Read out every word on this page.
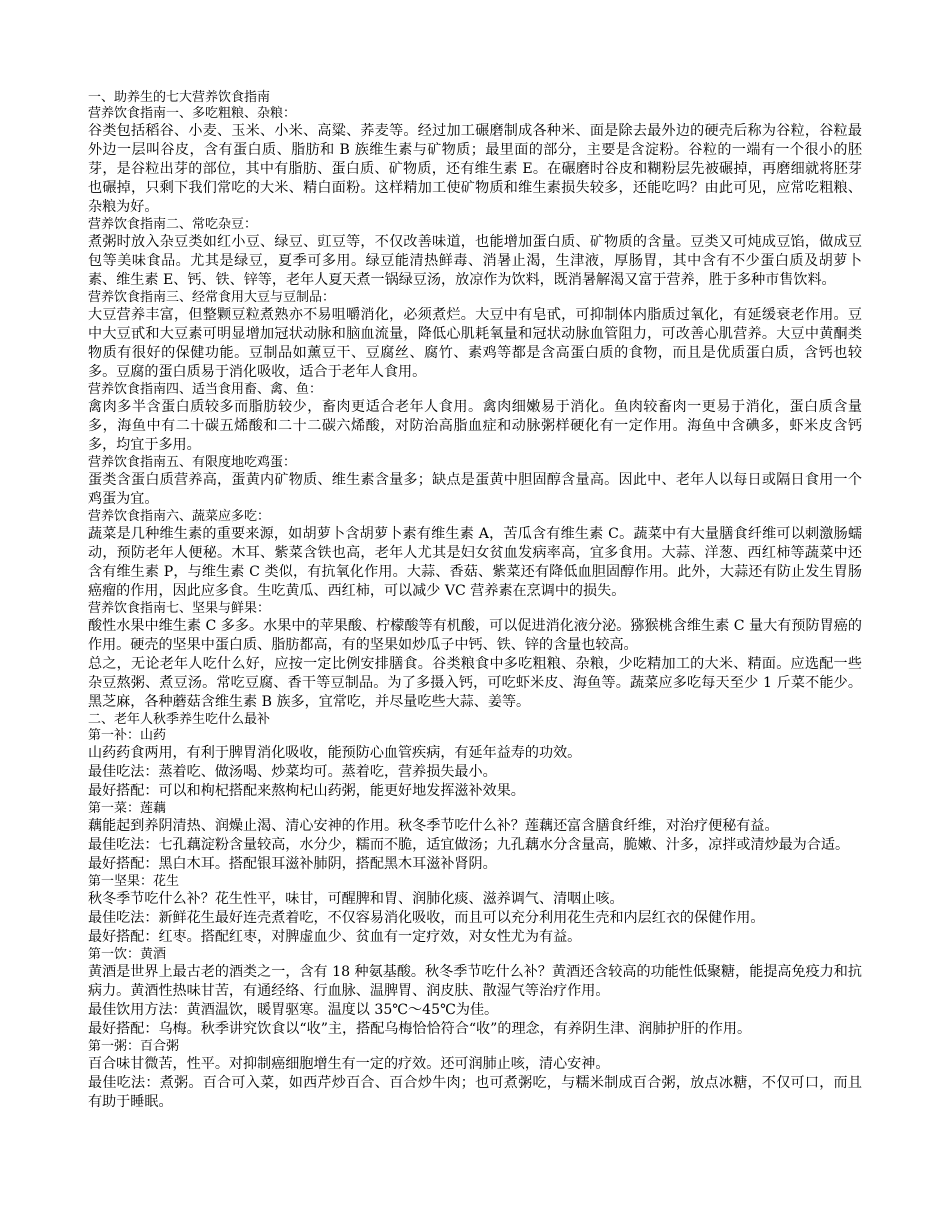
一、助养生的七大营养饮食指南

营养饮食指南一、多吃粗粮、杂粮：

谷类包括稻谷、小麦、玉米、小米、高粱、荞麦等。经过加工碾磨制成各种米、面是除去最外边的硬壳后称为谷粒，谷粒最外边一层叫谷皮，含有蛋白质、脂肪和 B 族维生素与矿物质；最里面的部分，主要是含淀粉。谷粒的一端有一个很小的胚芽，是谷粒出芽的部位，其中有脂肪、蛋白质、矿物质，还有维生素 E。在碾磨时谷皮和糊粉层先被碾掉，再磨细就将胚芽也碾掉，只剩下我们常吃的大米、精白面粉。这样精加工使矿物质和维生素损失较多，还能吃吗？由此可见，应常吃粗粮、杂粮为好。

营养饮食指南二、常吃杂豆：

煮粥时放入杂豆类如红小豆、绿豆、豇豆等，不仅改善味道，也能增加蛋白质、矿物质的含量。豆类又可炖成豆馅，做成豆包等美味食品。尤其是绿豆，夏季可多用。绿豆能清热鲜毒、消暑止渴，生津液，厚肠胃，其中含有不少蛋白质及胡萝卜素、维生素 E、钙、铁、锌等，老年人夏天煮一锅绿豆汤，放凉作为饮料，既消暑解渴又富于营养，胜于多种市售饮料。

营养饮食指南三、经常食用大豆与豆制品：

大豆营养丰富，但整颗豆粒煮熟亦不易咀嚼消化，必须煮烂。大豆中有皂甙，可抑制体内脂质过氧化，有延缓衰老作用。豆中大豆甙和大豆素可明显增加冠状动脉和脑血流量，降低心肌耗氧量和冠状动脉血管阻力，可改善心肌营养。大豆中黄酮类物质有很好的保健功能。豆制品如薰豆干、豆腐丝、腐竹、素鸡等都是含高蛋白质的食物，而且是优质蛋白质，含钙也较多。豆腐的蛋白质易于消化吸收，适合于老年人食用。

营养饮食指南四、适当食用畜、禽、鱼：

禽肉多半含蛋白质较多而脂肪较少，畜肉更适合老年人食用。禽肉细嫩易于消化。鱼肉较畜肉一更易于消化，蛋白质含量多，海鱼中有二十碳五烯酸和二十二碳六烯酸，对防治高脂血症和动脉粥样硬化有一定作用。海鱼中含碘多，虾米皮含钙多，均宜于多用。

营养饮食指南五、有限度地吃鸡蛋：

蛋类含蛋白质营养高，蛋黄内矿物质、维生素含量多；缺点是蛋黄中胆固醇含量高。因此中、老年人以每日或隔日食用一个鸡蛋为宜。

营养饮食指南六、蔬菜应多吃：

蔬菜是几种维生素的重要来源，如胡萝卜含胡萝卜素有维生素 A，苦瓜含有维生素 C。蔬菜中有大量膳食纤维可以刺激肠蠕动，预防老年人便秘。木耳、紫菜含铁也高，老年人尤其是妇女贫血发病率高，宜多食用。大蒜、洋葱、西红柿等蔬菜中还含有维生素 P，与维生素 C 类似，有抗氧化作用。大蒜、香菇、紫菜还有降低血胆固醇作用。此外，大蒜还有防止发生胃肠癌瘤的作用，因此应多食。生吃黄瓜、西红柿，可以减少 VC 营养素在烹调中的损失。

营养饮食指南七、坚果与鲜果：

酸性水果中维生素 C 多多。水果中的苹果酸、柠檬酸等有机酸，可以促进消化液分泌。猕猴桃含维生素 C 量大有预防胃癌的作用。硬壳的坚果中蛋白质、脂肪都高，有的坚果如炒瓜子中钙、铁、锌的含量也较高。

总之，无论老年人吃什么好，应按一定比例安排膳食。谷类粮食中多吃粗粮、杂粮，少吃精加工的大米、精面。应选配一些杂豆熬粥、煮豆汤。常吃豆腐、香干等豆制品。为了多摄入钙，可吃虾米皮、海鱼等。蔬菜应多吃每天至少 1 斤菜不能少。黑芝麻，各种蘑菇含维生素 B 族多，宜常吃，并尽量吃些大蒜、姜等。

二、老年人秋季养生吃什么最补

第一补：山药

山药药食两用，有利于脾胃消化吸收，能预防心血管疾病，有延年益寿的功效。

最佳吃法：蒸着吃、做汤喝、炒菜均可。蒸着吃，营养损失最小。

最好搭配：可以和枸杞搭配来熬枸杞山药粥，能更好地发挥滋补效果。

第一菜：莲藕

藕能起到养阴清热、润燥止渴、清心安神的作用。秋冬季节吃什么补？莲藕还富含膳食纤维，对治疗便秘有益。

最佳吃法：七孔藕淀粉含量较高，水分少，糯而不脆，适宜做汤；九孔藕水分含量高，脆嫩、汁多，凉拌或清炒最为合适。

最好搭配：黑白木耳。搭配银耳滋补肺阴，搭配黑木耳滋补肾阴。

第一坚果：花生

秋冬季节吃什么补？花生性平，味甘，可醒脾和胃、润肺化痰、滋养调气、清咽止咳。

最佳吃法：新鲜花生最好连壳煮着吃，不仅容易消化吸收，而且可以充分利用花生壳和内层红衣的保健作用。

最好搭配：红枣。搭配红枣，对脾虚血少、贫血有一定疗效，对女性尤为有益。

第一饮：黄酒

黄酒是世界上最古老的酒类之一，含有 18 种氨基酸。秋冬季节吃什么补？黄酒还含较高的功能性低聚糖，能提高免疫力和抗病力。黄酒性热味甘苦，有通经络、行血脉、温脾胃、润皮肤、散湿气等治疗作用。

最佳饮用方法：黄酒温饮，暖胃驱寒。温度以 35℃～45℃为佳。

最好搭配：乌梅。秋季讲究饮食以“收”主，搭配乌梅恰恰符合“收”的理念，有养阴生津、润肺护肝的作用。

第一粥：百合粥

百合味甘微苦，性平。对抑制癌细胞增生有一定的疗效。还可润肺止咳，清心安神。

最佳吃法：煮粥。百合可入菜，如西芹炒百合、百合炒牛肉；也可煮粥吃，与糯米制成百合粥，放点冰糖，不仅可口，而且有助于睡眠。
